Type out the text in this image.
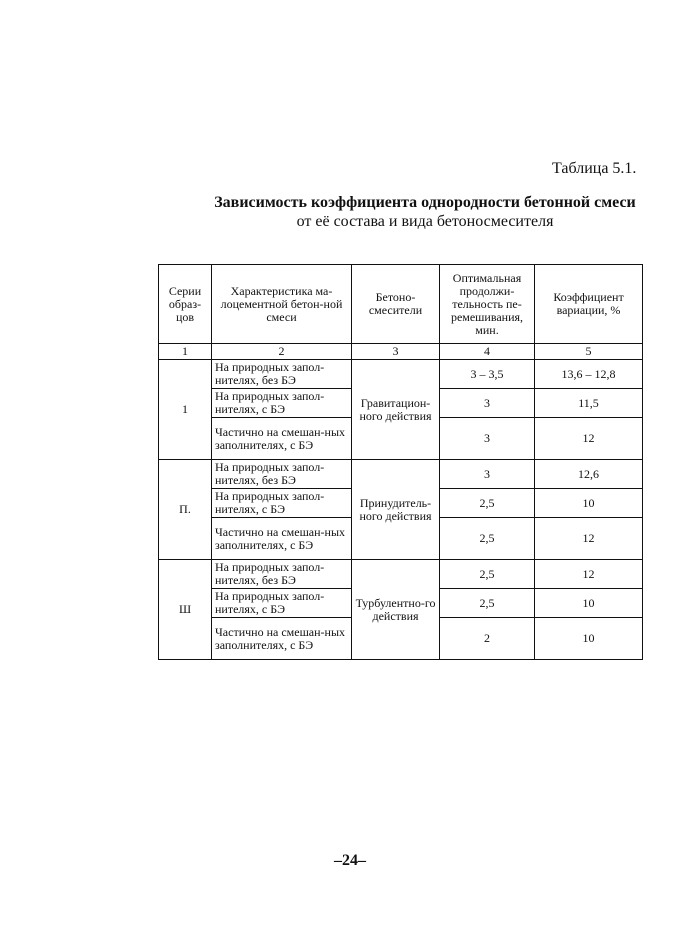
Таблица 5.1.
Зависимость коэффициента однородности бетонной смеси
от её состава и вида бетоносмесителя
Серии образ-цов	Характеристика ма-лоцементной бетон-ной смеси	Бетоно-смесители	Оптимальная продолжи-тельность пе-ремешивания, мин.	Коэффициент вариации, %
1	2	3	4	5
1	На природных запол-нителях, без БЭ	Гравитацион-ного действия	3 – 3,5	13,6 – 12,8
	На природных запол-нителях, с БЭ		3	11,5
	Частично на смешан-ных заполнителях, с БЭ		3	12
П.	На природных запол-нителях, без БЭ	Принудитель-ного действия	3	12,6
	На природных запол-нителях, с БЭ		2,5	10
	Частично на смешан-ных заполнителях, с БЭ		2,5	12
Ш	На природных запол-нителях, без БЭ	Турбулентно-го действия	2,5	12
	На природных запол-нителях, с БЭ		2,5	10
	Частично на смешан-ных заполнителях, с БЭ		2	10
–24–
